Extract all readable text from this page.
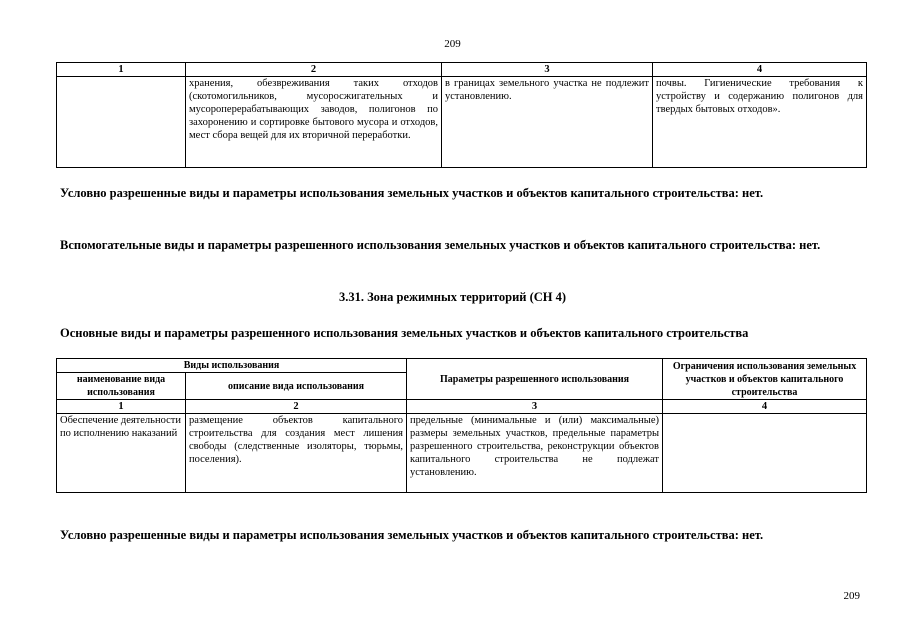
209
1	2	3	4
	хранения, обезвреживания таких отходов (скотомогильников, мусоросжигательных и мусороперерабатывающих заводов, полигонов по захоронению и сортировке бытового мусора и отходов, мест сбора вещей для их вторичной переработки.	в границах земельного участка не подлежит установлению.	почвы. Гигиенические требования к устройству и содержанию полигонов для твердых бытовых отходов».
Условно разрешенные виды и параметры использования земельных участков и объектов капитального строительства: нет.
Вспомогательные виды и параметры разрешенного использования земельных участков и объектов капитального строительства: нет.
3.31. Зона режимных территорий (СН 4)
Основные виды и параметры разрешенного использования земельных участков и объектов капитального строительства
Виды использования		Параметры разрешенного использования	Ограничения использования земельных участков и объектов капитального строительства
наименование вида использования	описание вида использования		
1	2	3	4
Обеспечение деятельности по исполнению наказаний	размещение объектов капитального строительства для создания мест лишения свободы (следственные изоляторы, тюрьмы, поселения).	предельные (минимальные и (или) максимальные) размеры земельных участков, предельные параметры разрешенного строительства, реконструкции объектов капитального строительства не подлежат установлению.	
Условно разрешенные виды и параметры использования земельных участков и объектов капитального строительства: нет.
209
